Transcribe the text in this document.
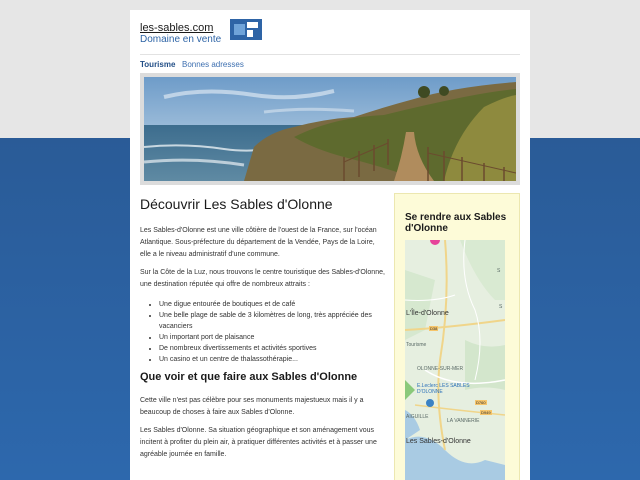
les-sables.com
Domaine en vente
Tourisme Bonnes adresses
Découvrir Les Sables d'Olonne

Les Sables-d'Olonne est une ville côtière de l'ouest de la France, sur l'océan Atlantique. Sous-préfecture du département de la Vendée, Pays de la Loire, elle a le niveau administratif d'une commune.

Sur la Côte de la Luz, nous trouvons le centre touristique des Sables-d'Olonne, une destination réputée qui offre de nombreux attraits :

• Une digue entourée de boutiques et de café
• Une belle plage de sable de 3 kilomètres de long, très appréciée des vacanciers
• Un important port de plaisance
• De nombreux divertissements et activités sportives
• Un casino et un centre de thalassothérapie...
Que voir et que faire aux Sables d'Olonne

Cette ville n'est pas célèbre pour ses monuments majestueux mais il y a beaucoup de choses à faire aux Sables d'Olonne.

Les Sables d'Olonne. Sa situation géographique et son aménagement vous incitent à profiter du plein air, à pratiquer différentes activités et à passer une agréable journée en famille.

Se rendre aux Sables d'Olonne
S
L'Île-d'Olonne
S
D38
Tourisme
OLONNE-SUR-MER
E.Leclerc LES SABLES D'OLONNE
D760
D949
LA VANNERIE
Les Sables-d'Olonne
AIGUILLE
